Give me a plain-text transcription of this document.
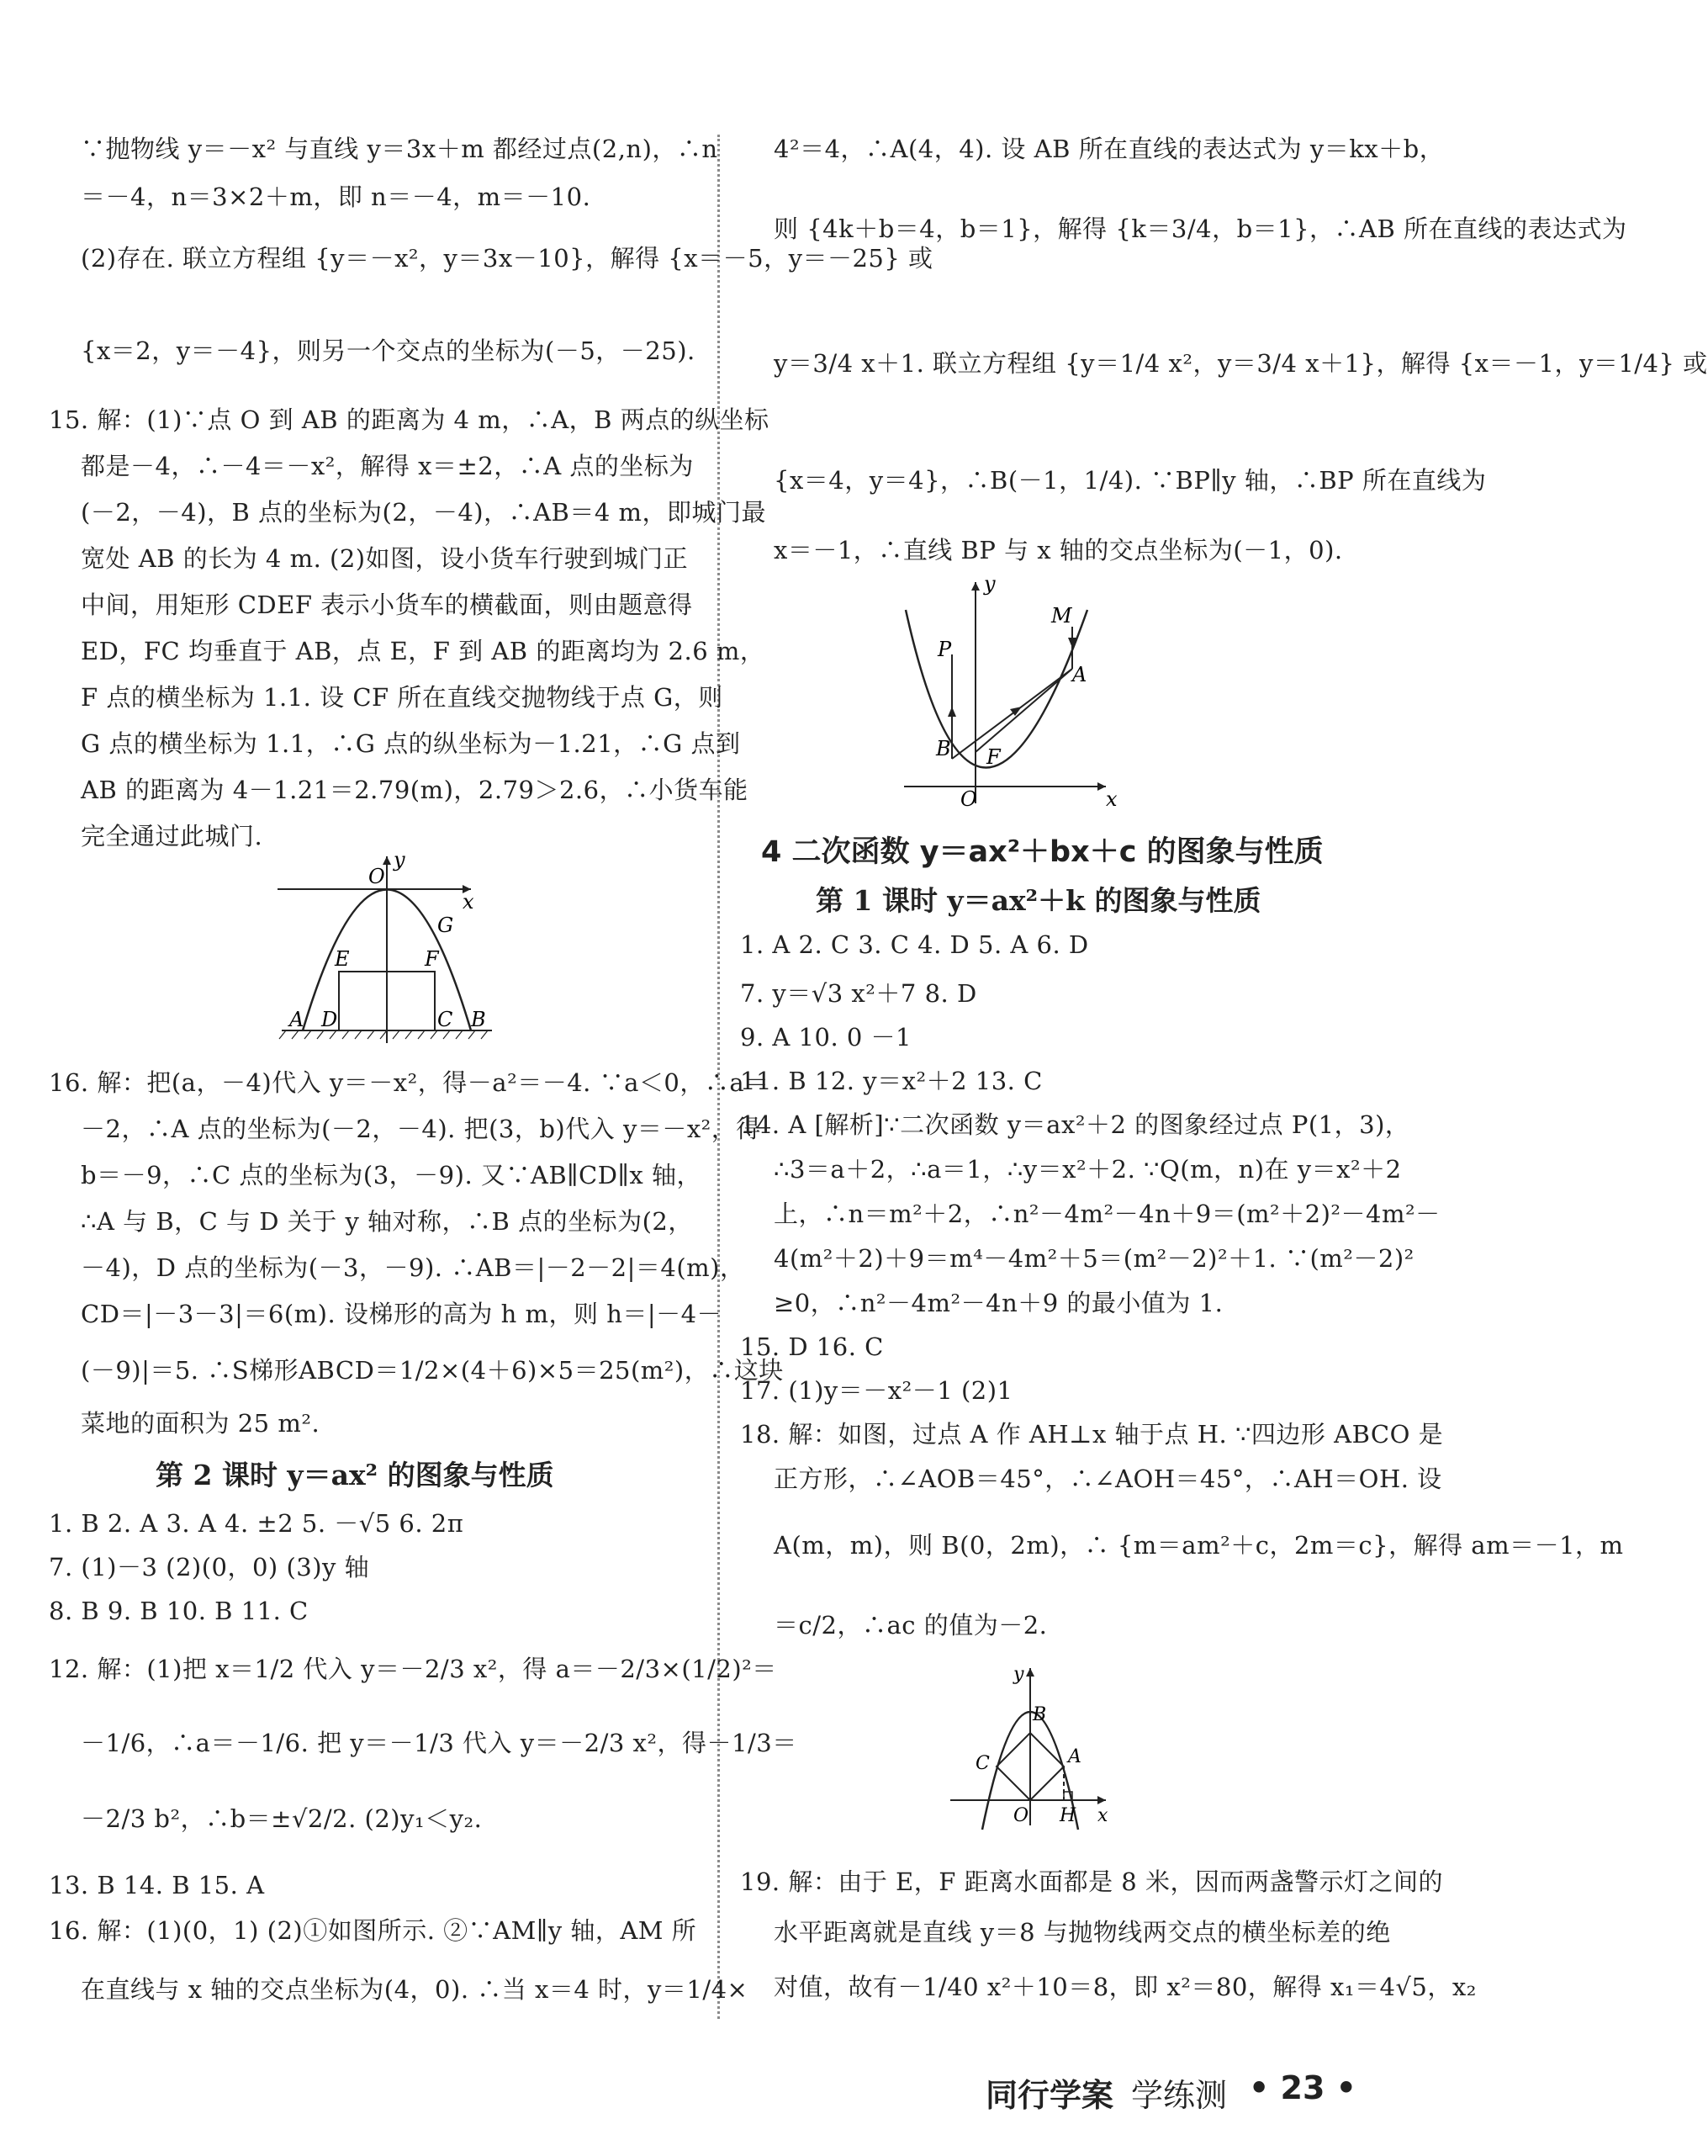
∵抛物线 y＝－x² 与直线 y＝3x＋m 都经过点(2,n)，∴n
＝－4，n＝3×2＋m，即 n＝－4，m＝－10.
(2)存在. 联立方程组 {y＝－x²，y＝3x－10}，解得 {x＝－5，y＝－25} 或
{x＝2，y＝－4}，则另一个交点的坐标为(－5，－25).
15. 解：(1)∵点 O 到 AB 的距离为 4 m，∴A，B 两点的纵坐标
都是－4，∴－4＝－x²，解得 x＝±2，∴A 点的坐标为
(－2，－4)，B 点的坐标为(2，－4)，∴AB＝4 m，即城门最
宽处 AB 的长为 4 m. (2)如图，设小货车行驶到城门正
中间，用矩形 CDEF 表示小货车的横截面，则由题意得
ED，FC 均垂直于 AB，点 E，F 到 AB 的距离均为 2.6 m，
F 点的横坐标为 1.1. 设 CF 所在直线交抛物线于点 G，则
G 点的横坐标为 1.1，∴G 点的纵坐标为－1.21，∴G 点到
AB 的距离为 4－1.21＝2.79(m)，2.79＞2.6，∴小货车能
完全通过此城门.
O
y
x
G
E	F
A D	C B
16. 解：把(a，－4)代入 y＝－x²，得－a²＝－4. ∵a＜0，∴a＝
－2，∴A 点的坐标为(－2，－4). 把(3，b)代入 y＝－x²，得
b＝－9，∴C 点的坐标为(3，－9). 又∵AB∥CD∥x 轴，
∴A 与 B，C 与 D 关于 y 轴对称，∴B 点的坐标为(2，
－4)，D 点的坐标为(－3，－9). ∴AB＝|－2－2|＝4(m)，
CD＝|－3－3|＝6(m). 设梯形的高为 h m，则 h＝|－4－
(－9)|＝5. ∴S梯形ABCD＝1/2×(4＋6)×5＝25(m²)，∴这块
菜地的面积为 25 m².
第 2 课时 y＝ax² 的图象与性质
1. B 2. A 3. A 4. ±2 5. －√5 6. 2π
7. (1)－3 (2)(0，0) (3)y 轴
8. B 9. B 10. B 11. C
12. 解：(1)把 x＝1/2 代入 y＝－2/3 x²，得 a＝－2/3×(1/2)²＝
－1/6，∴a＝－1/6. 把 y＝－1/3 代入 y＝－2/3 x²，得－1/3＝
－2/3 b²，∴b＝±√2/2. (2)y₁＜y₂.
13. B 14. B 15. A
16. 解：(1)(0，1) (2)①如图所示. ②∵AM∥y 轴，AM 所
在直线与 x 轴的交点坐标为(4，0). ∴当 x＝4 时，y＝1/4×
4²＝4，∴A(4，4). 设 AB 所在直线的表达式为 y＝kx＋b，
则 {4k＋b＝4，b＝1}，解得 {k＝3/4，b＝1}，∴AB 所在直线的表达式为
y＝3/4 x＋1. 联立方程组 {y＝1/4 x²，y＝3/4 x＋1}，解得 {x＝－1，y＝1/4} 或
{x＝4，y＝4}，∴B(－1，1/4). ∵BP∥y 轴，∴BP 所在直线为
x＝－1，∴直线 BP 与 x 轴的交点坐标为(－1，0).
y
M
P
A
B F
O	x
4 二次函数 y＝ax²＋bx＋c 的图象与性质
第 1 课时 y＝ax²＋k 的图象与性质
1. A 2. C 3. C 4. D 5. A 6. D
7. y＝√3 x²＋7 8. D
9. A 10. 0 －1
11. B 12. y＝x²＋2 13. C
14. A [解析]∵二次函数 y＝ax²＋2 的图象经过点 P(1，3)，
∴3＝a＋2，∴a＝1，∴y＝x²＋2. ∵Q(m，n)在 y＝x²＋2
上，∴n＝m²＋2，∴n²－4m²－4n＋9＝(m²＋2)²－4m²－
4(m²＋2)＋9＝m⁴－4m²＋5＝(m²－2)²＋1. ∵(m²－2)²
≥0，∴n²－4m²－4n＋9 的最小值为 1.
15. D 16. C
17. (1)y＝－x²－1 (2)1
18. 解：如图，过点 A 作 AH⊥x 轴于点 H. ∵四边形 ABCO 是
正方形，∴∠AOB＝45°，∴∠AOH＝45°，∴AH＝OH. 设
A(m，m)，则 B(0，2m)，∴ {m＝am²＋c，2m＝c}，解得 am＝－1，m
＝c/2，∴ac 的值为－2.
y
B
C	A
O H x
19. 解：由于 E，F 距离水面都是 8 米，因而两盏警示灯之间的
水平距离就是直线 y＝8 与抛物线两交点的横坐标差的绝
对值，故有－1/40 x²＋10＝8，即 x²＝80，解得 x₁＝4√5，x₂
同行学案 学练测 • 23 •
